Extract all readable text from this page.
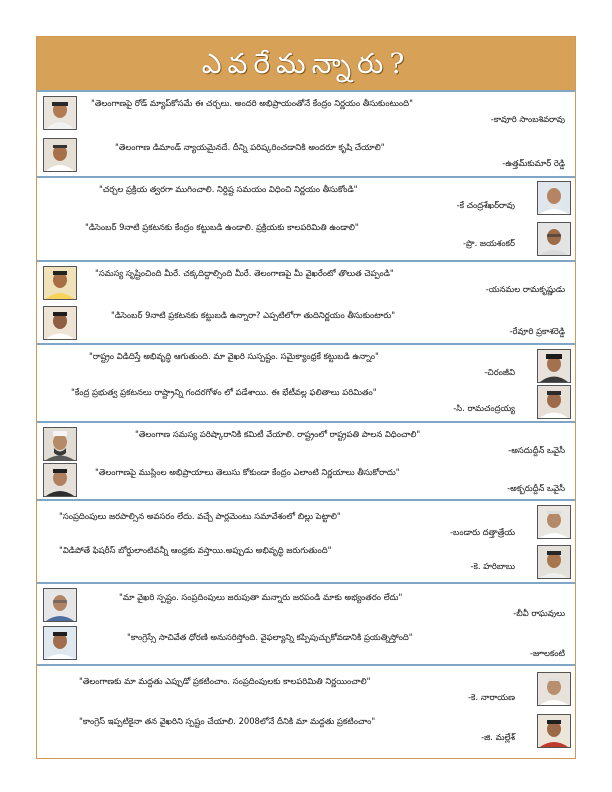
ఎవరేమన్నారు?
"తెలంగాణపై రోడ్ మ్యాప్‌కోసమే ఈ చర్చలు. అందరి అభిప్రాయంతోనే కేంద్రం నిర్ణయం తీసుకుంటుంది"
-కావూరి సాంబశివరావు
"తెలంగాణ డిమాండ్ న్యాయమైనదే. దీన్ని పరిష్కరించడానికి అందరూ కృషి చేయాలి"
-ఉత్తమ్‌కుమార్ రెడ్డి
"చర్చల ప్రక్రియ త్వరగా ముగించాలి. నిర్దిష్ట సమయం విధించి నిర్ణయం తీసుకోండి"
-కే చంద్రశేఖర్‌రావు
"డిసెంబర్ 9నాటి ప్రకటనకు కేంద్రం కట్టుబడి ఉండాలి. ప్రక్రియకు కాలపరిమితి ఉండాలి"
-ప్రొ. జయశంకర్
"సమస్య సృష్టించింది మీరే. చక్కదిద్దాల్సింది మీరే. తెలంగాణపై మీ వైఖరేంటో తొలుత చెప్పండి"
-యనమల రామకృష్ణుడు
"డిసెంబర్ 9నాటి ప్రకటనకు కట్టుబడి ఉన్నారా? ఎప్పటిలోగా తుదినిర్ణయం తీసుకుంటారు"
-రేవూరి ప్రకాశరెడ్డి
"రాష్ట్రం విడిదిస్తే అభివృద్ధి ఆగుతుంది. మా వైఖరి సుస్పష్టం. సమైక్యాంధ్రకే కట్టుబడి ఉన్నాం"
-చిరంజీవి
"కేంద్ర ప్రభుత్వ ప్రకటనలు రాష్ట్రాన్ని గందరగోళం లో పడేశాయి. ఈ భేటీవల్ల ఫలితాలు పరిమితం"
-సి. రామచంద్రయ్య
"తెలంగాణ సమస్య పరిష్కారానికి కమిటీ వేయాలి. రాష్ట్రంలో రాష్ట్రపతి పాలన విధించాలి"
-అసదుద్దీన్ ఒవైసీ
"తెలంగాణపై ముస్లింల అభిప్రాయాలు తెలుసు కోకుండా కేంద్రం ఎలాంటి నిర్ణయాలు తీసుకోరాదు"
-అక్బరుద్దీన్ ఒవైసీ
"సంప్రదింపులు జరపాల్సిన అవసరం లేదు. వచ్చే పార్లమెంటు సమావేశంలో బిల్లు పెట్టాలి"
-బండారు దత్తాత్రేయ
"విడిపోతే ఫిషరీస్ బోర్డులాంటివన్నీ ఆంధ్రకు వస్తాయి.అప్పుడు అభివృద్ధి జరుగుతుంది"
-కె. హరిబాబు
"మా వైఖరి స్పష్టం. సంప్రదింపులు జరుపుతా మన్నారు జరపండి మాకు అభ్యంతరం లేదు"
-బీవీ రాఘవులు
"కాంగ్రెస్సే సాచివేత ధోరణి అనుసరిస్తోంది. వైఫల్యాన్ని కప్పిపుచ్చుకోవడానికి ప్రయత్నిస్తోంది"
-జూలకంటి
"తెలంగాణకు మా మద్దతు ఎప్పుడో ప్రకటించాం. సంప్రదింపులకు కాలపరిమితి నిర్ణయించాలి"
-కె. నారాయణ
"కాంగ్రెస్ ఇప్పటికైనా తన వైఖరిని స్పష్టం చేయాలి. 2008లోనే దీనికి మా మద్దతు ప్రకటించాం"
-జి. మల్లేశ్
